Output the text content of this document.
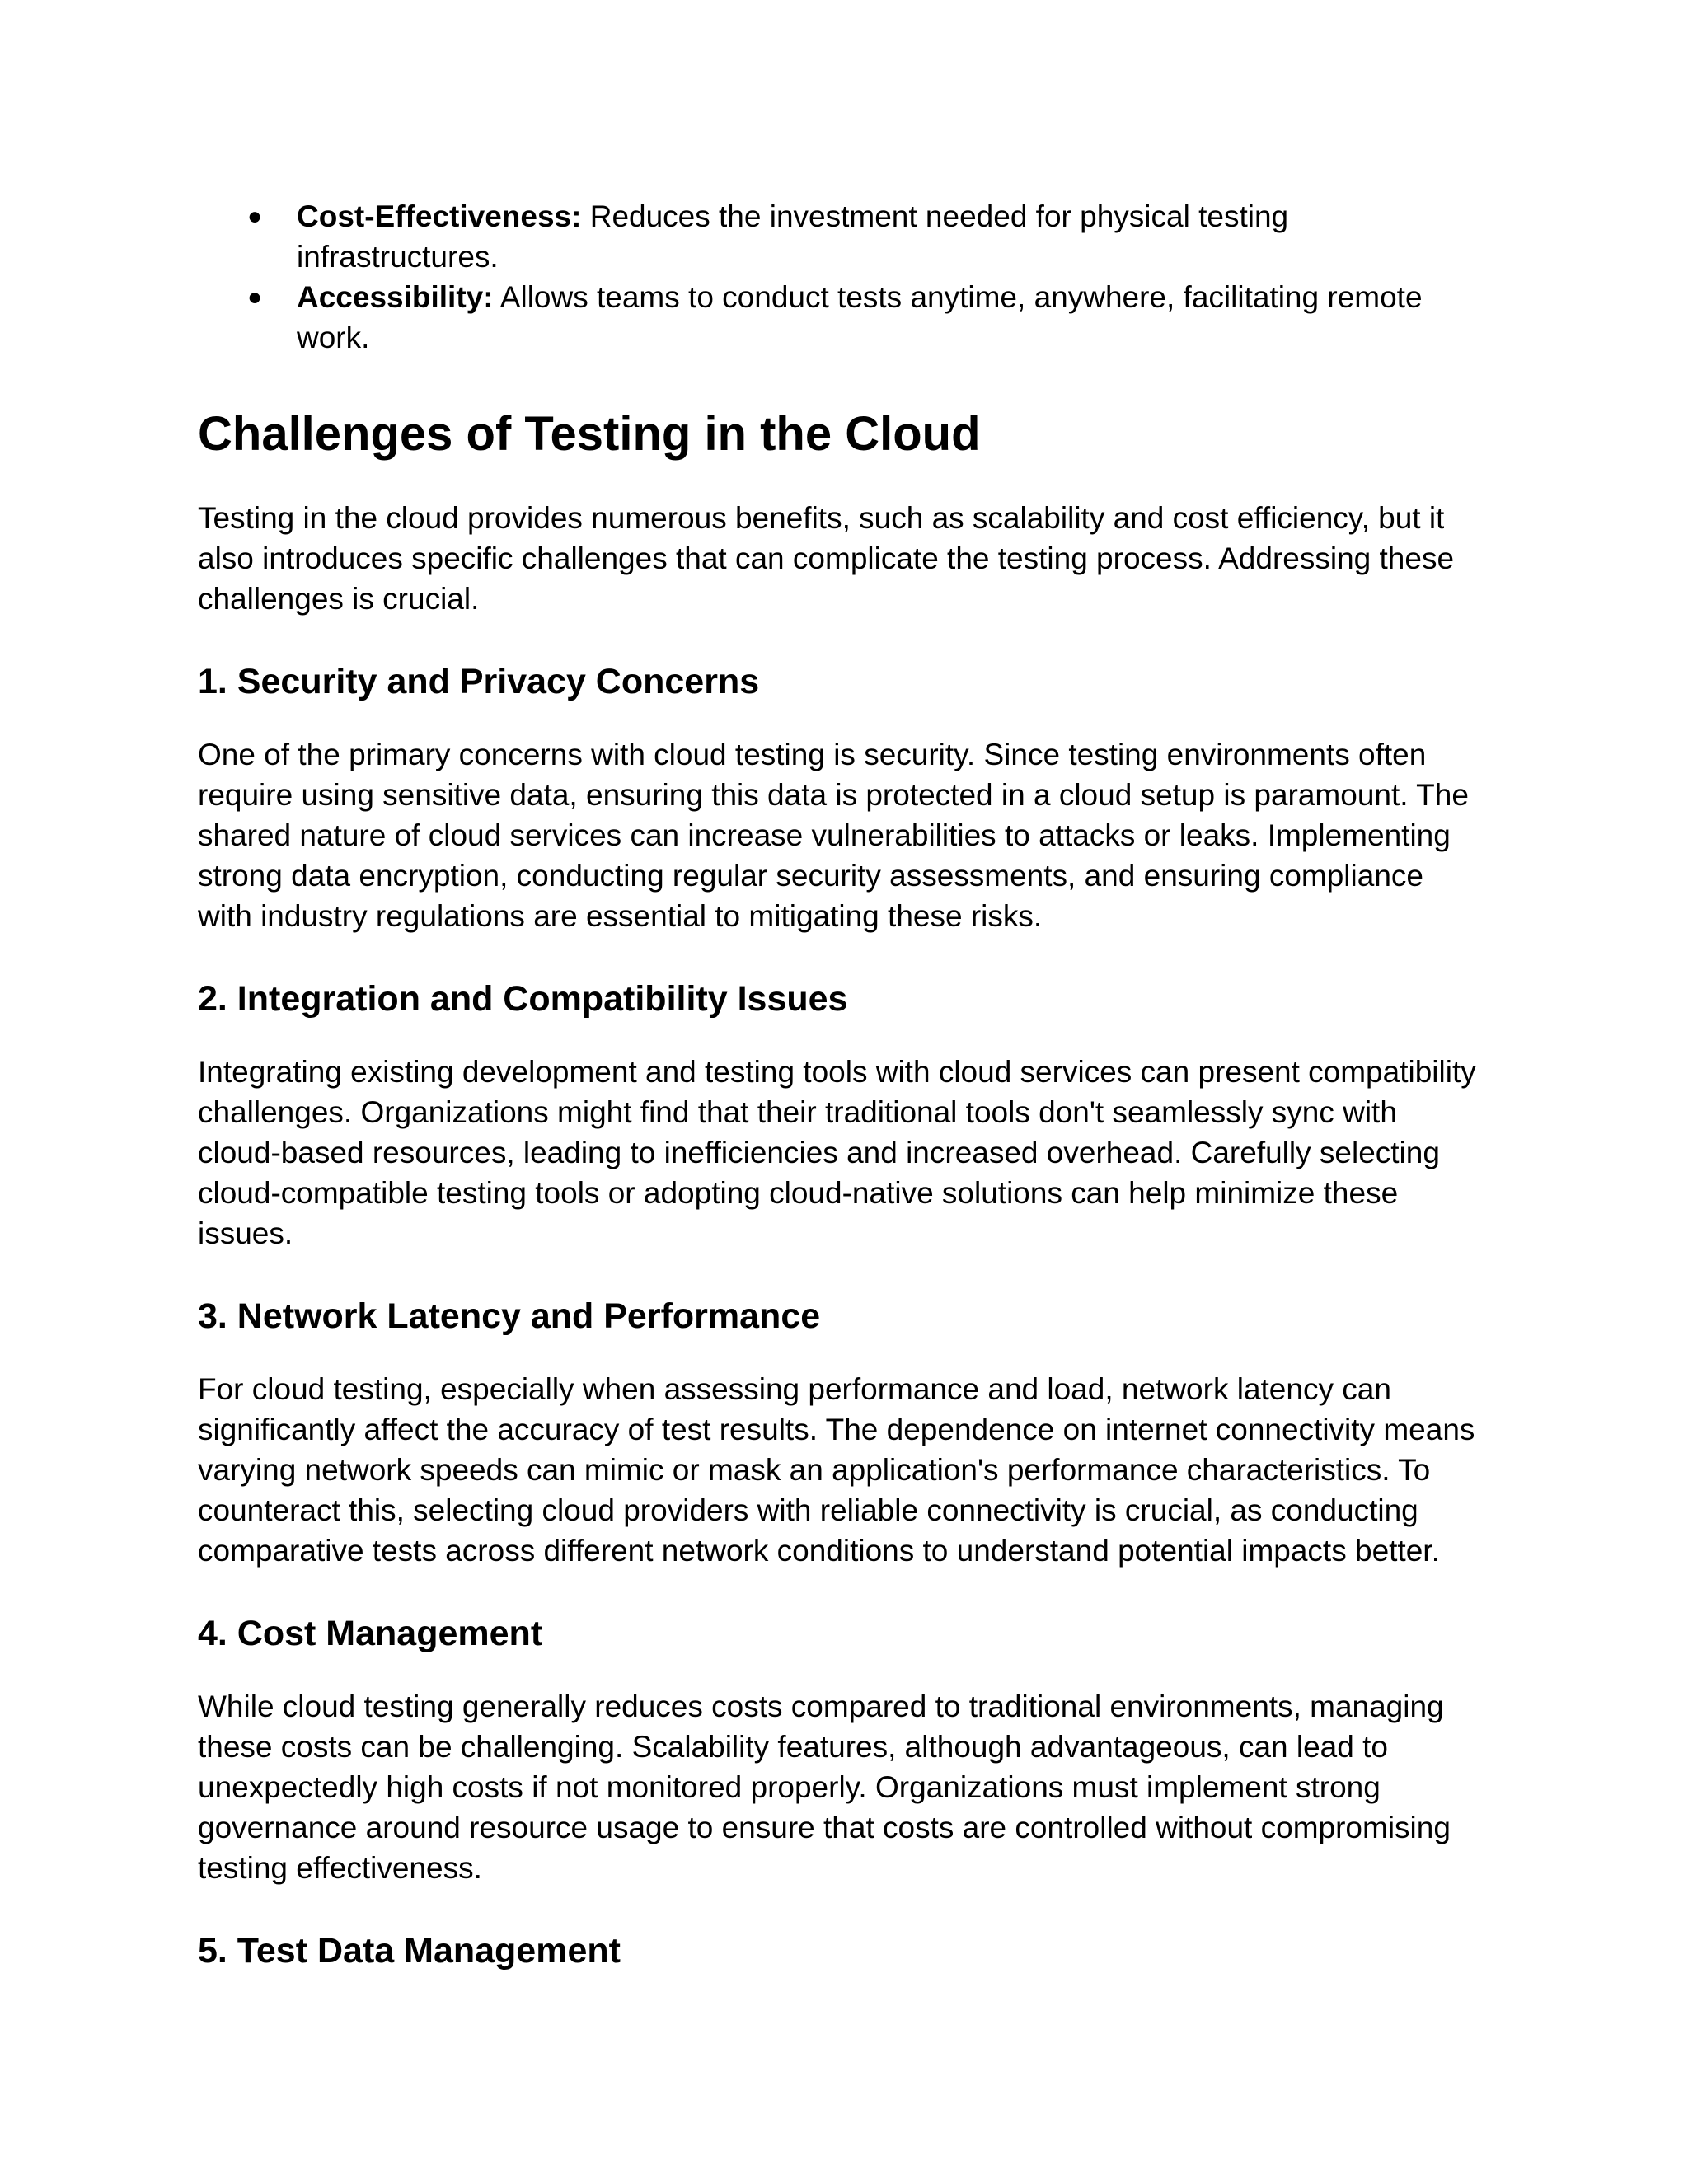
● Cost-Effectiveness: Reduces the investment needed for physical testing infrastructures.
● Accessibility: Allows teams to conduct tests anytime, anywhere, facilitating remote work.
Challenges of Testing in the Cloud

Testing in the cloud provides numerous benefits, such as scalability and cost efficiency, but it also introduces specific challenges that can complicate the testing process. Addressing these challenges is crucial.

1. Security and Privacy Concerns

One of the primary concerns with cloud testing is security. Since testing environments often require using sensitive data, ensuring this data is protected in a cloud setup is paramount. The shared nature of cloud services can increase vulnerabilities to attacks or leaks. Implementing strong data encryption, conducting regular security assessments, and ensuring compliance with industry regulations are essential to mitigating these risks.

2. Integration and Compatibility Issues

Integrating existing development and testing tools with cloud services can present compatibility challenges. Organizations might find that their traditional tools don't seamlessly sync with cloud-based resources, leading to inefficiencies and increased overhead. Carefully selecting cloud-compatible testing tools or adopting cloud-native solutions can help minimize these issues.

3. Network Latency and Performance

For cloud testing, especially when assessing performance and load, network latency can significantly affect the accuracy of test results. The dependence on internet connectivity means varying network speeds can mimic or mask an application's performance characteristics. To counteract this, selecting cloud providers with reliable connectivity is crucial, as conducting comparative tests across different network conditions to understand potential impacts better.

4. Cost Management

While cloud testing generally reduces costs compared to traditional environments, managing these costs can be challenging. Scalability features, although advantageous, can lead to unexpectedly high costs if not monitored properly. Organizations must implement strong governance around resource usage to ensure that costs are controlled without compromising testing effectiveness.

5. Test Data Management
